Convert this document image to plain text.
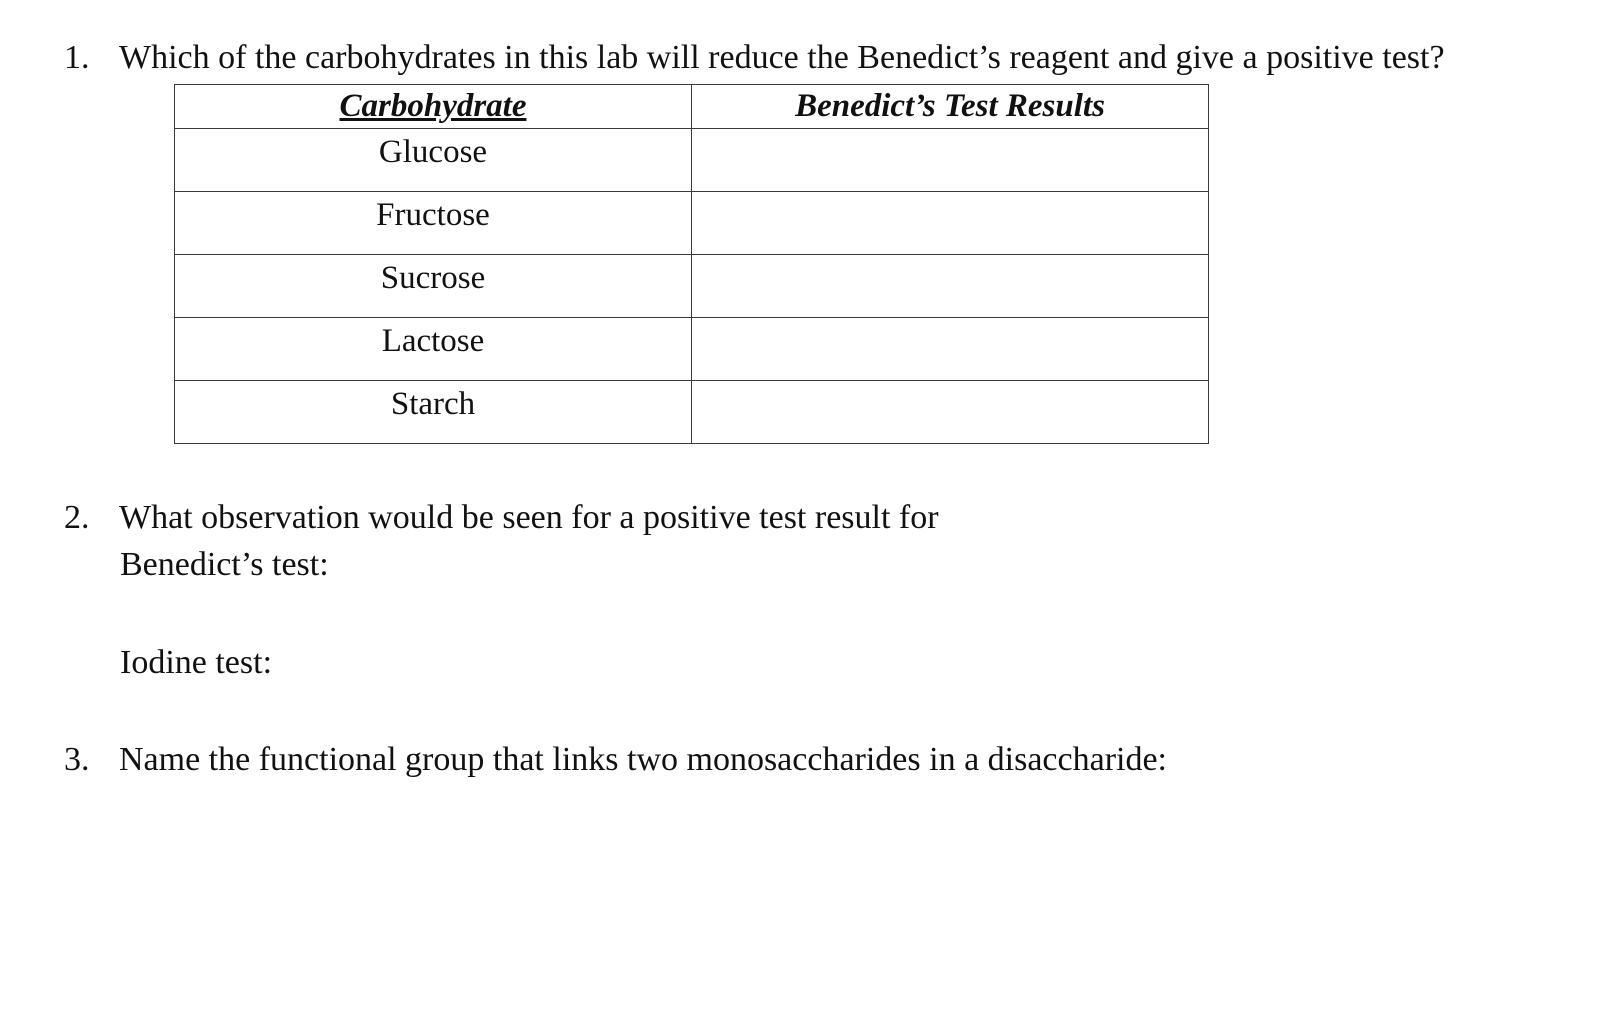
1. Which of the carbohydrates in this lab will reduce the Benedict’s reagent and give a positive test?
Carbohydrate	Benedict’s Test Results
Glucose	
Fructose	
Sucrose	
Lactose	
Starch	
2. What observation would be seen for a positive test result for
Benedict’s test:
Iodine test:
3. Name the functional group that links two monosaccharides in a disaccharide:
